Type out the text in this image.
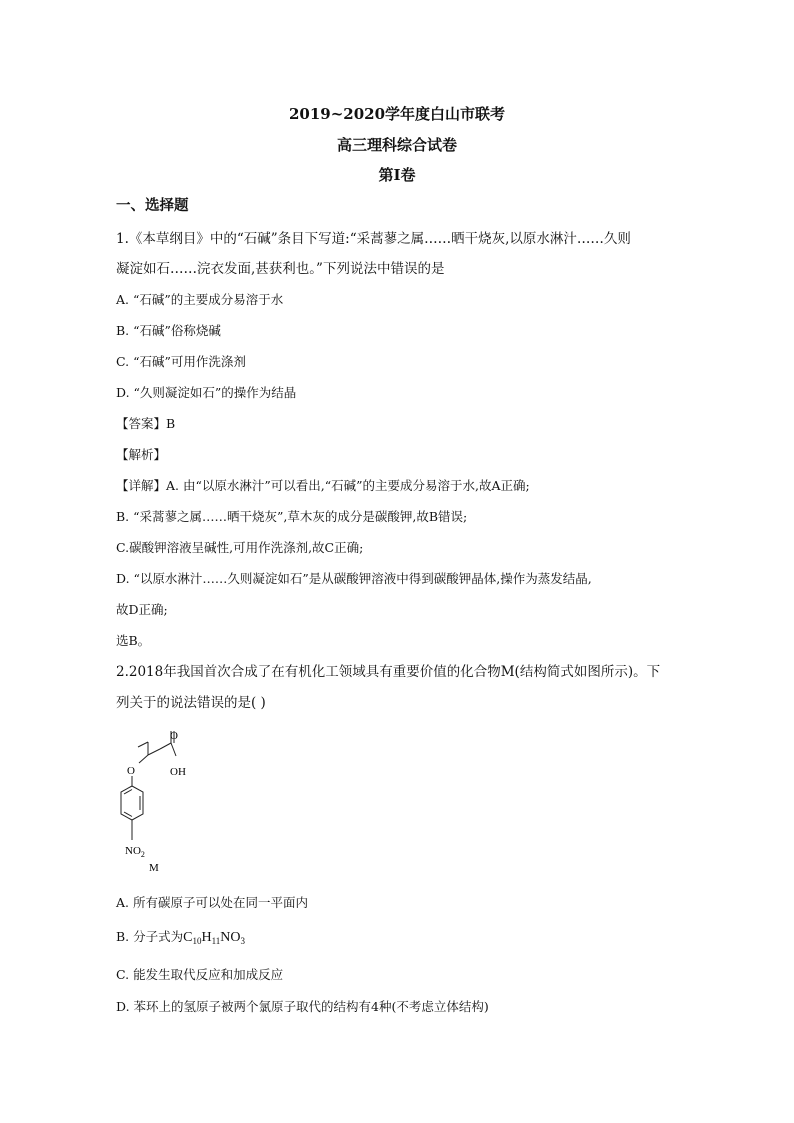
2019~2020学年度白山市联考
高三理科综合试卷
第Ⅰ卷
一、选择题
1.《本草纲目》中的“石碱”条目下写道:“采蒿蓼之属……晒干烧灰,以原水淋汁……久则
凝淀如石……浣衣发面,甚获利也。”下列说法中错误的是
A. “石碱”的主要成分易溶于水
B. “石碱”俗称烧碱
C. “石碱”可用作洗涤剂
D. “久则凝淀如石”的操作为结晶
【答案】B
【解析】
【详解】A. 由“以原水淋汁”可以看出,“石碱”的主要成分易溶于水,故A正确;
B. “采蒿蓼之属……晒干烧灰”,草木灰的成分是碳酸钾,故B错误;
C.碳酸钾溶液呈碱性,可用作洗涤剂,故C正确;
D. “以原水淋汁……久则凝淀如石”是从碳酸钾溶液中得到碳酸钾晶体,操作为蒸发结晶,
故D正确;
选B。
2.2018年我国首次合成了在有机化工领域具有重要价值的化合物M(结构简式如图所示)。下
列关于的说法错误的是( )
O
OH
O
$NO_2$
M
A. 所有碳原子可以处在同一平面内
B. 分子式为$C_{10}H_{11}NO_3$
C. 能发生取代反应和加成反应
D. 苯环上的氢原子被两个氯原子取代的结构有4种(不考虑立体结构)
